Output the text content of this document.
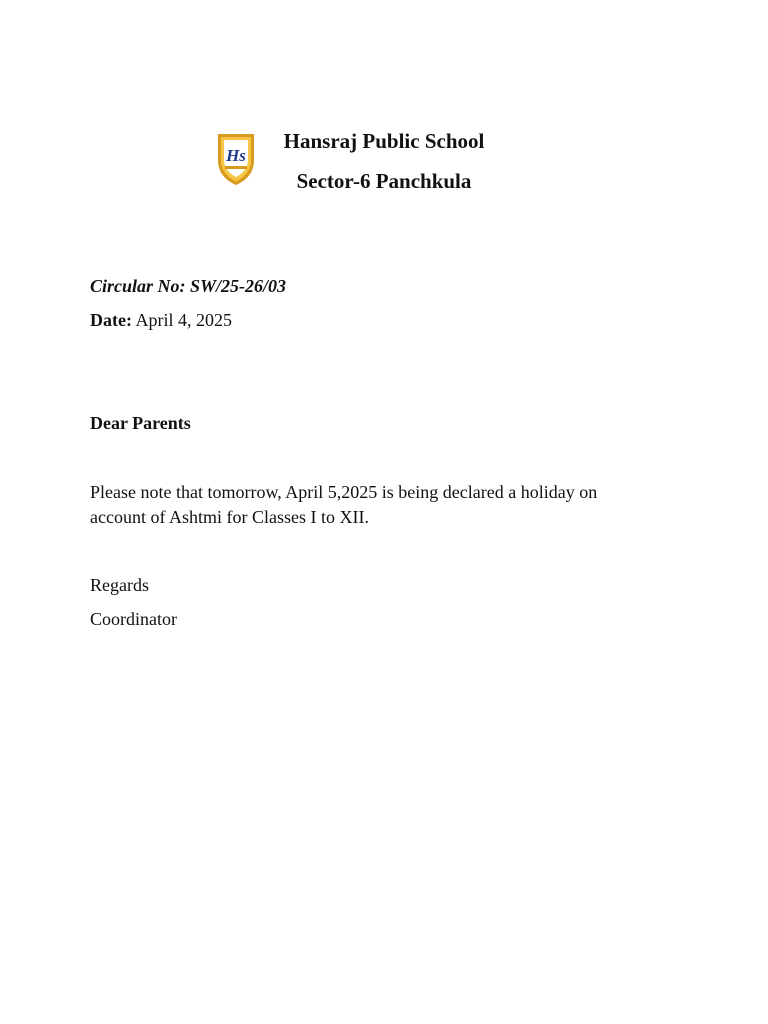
Hs

Hansraj Public School

Sector-6 Panchkula

Circular No: SW/25-26/03
Date: April 4, 2025
Dear Parents
Please note that tomorrow, April 5,2025 is being declared a holiday on account of Ashtmi for Classes I to XII.
Regards
Coordinator
